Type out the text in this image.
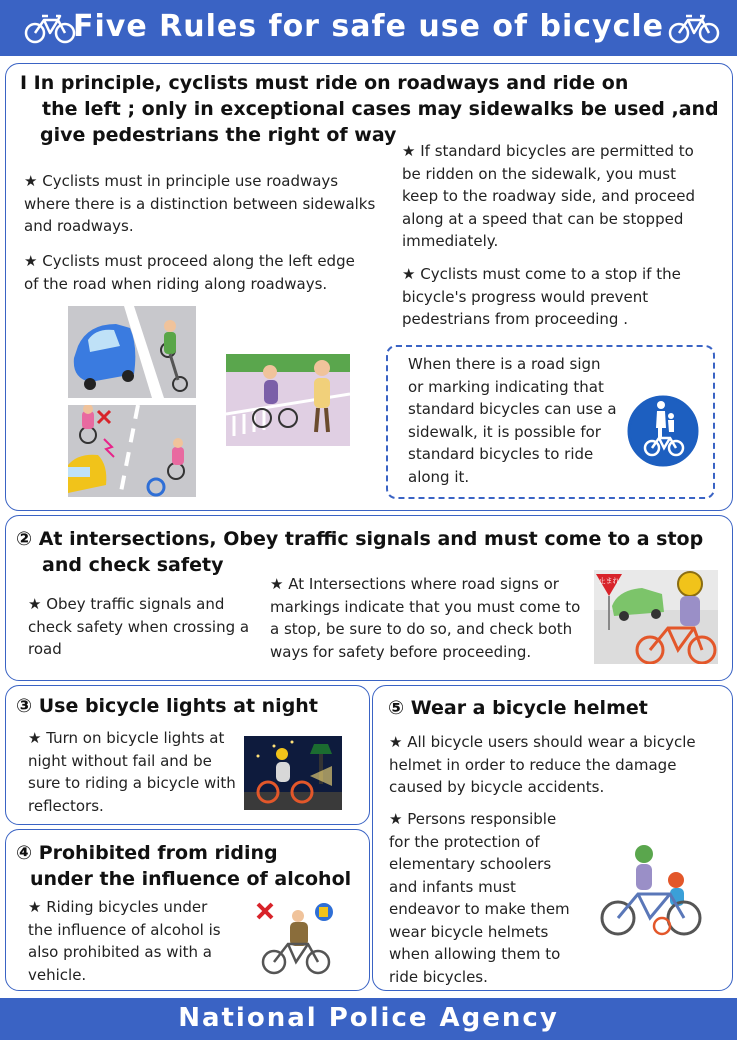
Five Rules for safe use of bicycle

Ⅰ In principle, cyclists must ride on roadways and ride on

the left ; only in exceptional cases may sidewalks be used ,and

give pedestrians the right of way

★ Cyclists must in principle use roadways where there is a distinction between sidewalks and roadways.

★ Cyclists must proceed along the left edge of the road when riding along roadways.

★ If standard bicycles are permitted to be ridden on the sidewalk, you must keep to the roadway side, and proceed along at a speed that can be stopped immediately.

★ Cyclists must come to a stop if the bicycle's progress would prevent pedestrians from proceeding .

When there is a road sign or marking indicating that standard bicycles can use a sidewalk, it is possible for standard bicycles to ride along it.

② At intersections, Obey traffic signals and must come to a stop

and check safety

★ Obey traffic signals and check safety when crossing a road

★ At Intersections where road signs or markings indicate that you must come to a stop, be sure to do so, and check both ways for safety before proceeding.

止まれ

③ Use bicycle lights at night

★ Turn on bicycle lights at night without fail and be sure to riding a bicycle with reflectors.

④ Prohibited from riding

under the influence of alcohol

★ Riding bicycles under the influence of alcohol is also prohibited as with a vehicle.

⑤ Wear a bicycle helmet

★ All bicycle users should wear a bicycle helmet in order to reduce the damage caused by bicycle accidents.

★ Persons responsible for the protection of elementary schoolers and infants must endeavor to make them wear bicycle helmets when allowing them to ride bicycles.

National Police Agency
